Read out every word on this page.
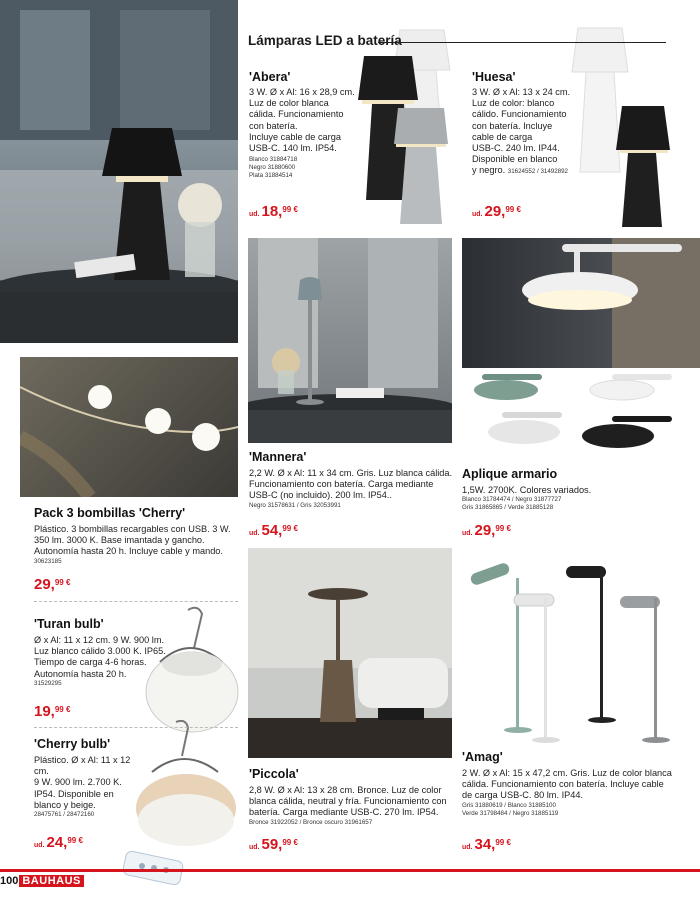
Lámparas LED a batería
'Abera'
3 W. Ø x Al: 16 x 28,9 cm.
Luz de color blanca
cálida. Funcionamiento
con batería.
Incluye cable de carga
USB-C. 140 lm. IP54.
Blanco 31884718
Negro 31880600
Plata 31884514
ud. 18,$^{99 €}$
'Huesa'
3 W. Ø x Al: 13 x 24 cm.
Luz de color: blanco
cálido. Funcionamiento
con batería. Incluye
cable de carga
USB-C. 240 lm. IP44.
Disponible en blanco
y negro. 31624552 / 31492892
ud. 29,$^{99 €}$
Pack 3 bombillas 'Cherry'
Plástico. 3 bombillas recargables con USB. 3 W.
350 lm. 3000 K. Base imantada y gancho.
Autonomía hasta 20 h. Incluye cable y mando.
30623185
29,$^{99 €}$
'Mannera'
2,2 W. Ø x Al: 11 x 34 cm. Gris. Luz blanca cálida.
Funcionamiento con batería. Carga mediante
USB-C (no incluido). 200 lm. IP54..
Negro 31578631 / Gris 32053991
ud. 54,$^{99 €}$
Aplique armario
1,5W. 2700K. Colores variados.
Blanco 31784474 / Negro 31877727
Gris 31865865 / Verde 31885128
ud. 29,$^{99 €}$
'Turan bulb'
Ø x Al: 11 x 12 cm. 9 W. 900 lm.
Luz blanco cálido 3.000 K. IP65.
Tiempo de carga 4-6 horas.
Autonomía hasta 20 h.
31529295
19,$^{99 €}$
'Cherry bulb'
Plástico. Ø x Al: 11 x 12 cm.
9 W. 900 lm. 2.700 K.
IP54. Disponible en
blanco y beige.
28475761 / 28472160
ud. 24,$^{99 €}$
'Piccola'
2,8 W. Ø x Al: 13 x 28 cm. Bronce. Luz de color
blanca cálida, neutral y fría. Funcionamiento con
batería. Carga mediante USB-C. 270 lm. IP54.
Bronce 31922052 / Bronce oscuro 31961657
ud. 59,$^{99 €}$
'Amag'
2 W. Ø x Al: 15 x 47,2 cm. Gris. Luz de color blanca
cálida. Funcionamiento con batería. Incluye cable
de carga USB-C. 80 lm. IP44.
Gris 31880619 / Blanco 31885100
Verde 31798484 / Negro 31885119
ud. 34,$^{99 €}$
100 BAUHAUS
